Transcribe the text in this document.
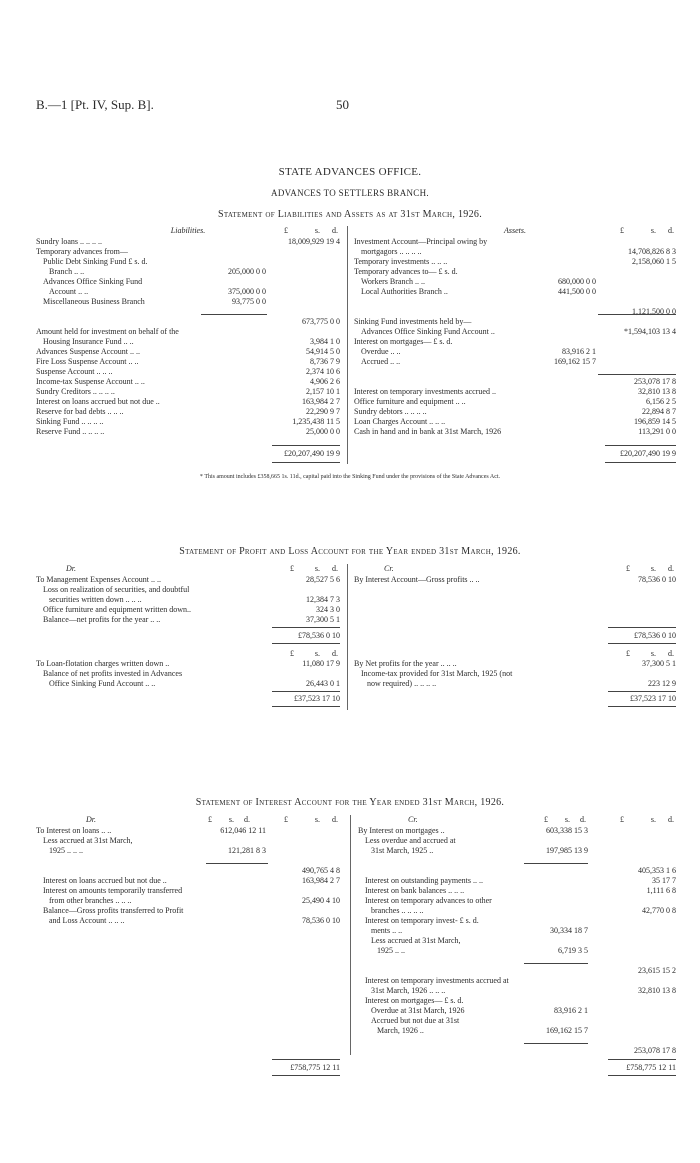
B.—1 [Pt. IV, Sup. B].	50
STATE ADVANCES OFFICE.
ADVANCES TO SETTLERS BRANCH.
Statement of Liabilities and Assets as at 31st March, 1926.
Liabilities.	£	s. d.	Assets.	£	s. d.
Sundry loans .. .. .. ..	18,009,929 19 4
Temporary advances from—
Public Debt Sinking Fund £ s. d.
Branch .. ..	205,000 0 0
Advances Office Sinking Fund
Account .. ..	375,000 0 0
Miscellaneous Business Branch	93,775 0 0
673,775 0 0
Amount held for investment on behalf of the
Housing Insurance Fund .. ..	3,984 1 0
Advances Suspense Account .. ..	54,914 5 0
Fire Loss Suspense Account .. ..	8,736 7 9
Suspense Account .. .. ..	2,374 10 6
Income-tax Suspense Account .. ..	4,906 2 6
Sundry Creditors .. .. .. ..	2,157 10 1
Interest on loans accrued but not due ..	163,984 2 7
Reserve for bad debts .. .. ..	22,290 9 7
Sinking Fund .. .. .. ..	1,235,438 11 5
Reserve Fund .. .. .. ..	25,000 0 0
Investment Account—Principal owing by
mortgagors .. .. .. ..	14,708,826 8 3
Temporary investments .. .. ..	2,158,060 1 5
Temporary advances to— £ s. d.
Workers Branch .. ..	680,000 0 0
Local Authorities Branch ..	441,500 0 0
1,121,500 0 0
Sinking Fund investments held by—
Advances Office Sinking Fund Account ..	*1,594,103 13 4
Interest on mortgages— £ s. d.
Overdue .. ..	83,916 2 1
Accrued .. ..	169,162 15 7
253,078 17 8
Interest on temporary investments accrued ..	32,810 13 8
Office furniture and equipment .. ..	6,156 2 5
Sundry debtors .. .. .. ..	22,894 8 7
Loan Charges Account .. .. ..	196,859 14 5
Cash in hand and in bank at 31st March, 1926	113,291 0 0
£20,207,490 19 9	£20,207,490 19 9
* This amount includes £358,665 1s. 11d., capital paid into the Sinking Fund under the provisions of the State Advances Act.
Statement of Profit and Loss Account for the Year ended 31st March, 1926.
Dr.	£	s. d.	Cr.	£	s. d.
To Management Expenses Account .. ..	28,527 5 6
Loss on realization of securities, and doubtful
securities written down .. .. ..	12,384 7 3
Office furniture and equipment written down..	324 3 0
Balance—net profits for the year .. ..	37,300 5 1
By Interest Account—Gross profits .. ..	78,536 0 10
£78,536 0 10	£78,536 0 10
£	s. d.	£	s. d.
To Loan-flotation charges written down ..	11,080 17 9
Balance of net profits invested in Advances
Office Sinking Fund Account .. ..	26,443 0 1
By Net profits for the year .. .. ..	37,300 5 1
Income-tax provided for 31st March, 1925 (not
now required) .. .. .. ..	223 12 9
£37,523 17 10	£37,523 17 10
Statement of Interest Account for the Year ended 31st March, 1926.
Dr.	£ s. d.	£	s. d.	Cr.	£ s. d.	£	s. d.
To Interest on loans .. ..	612,046 12 11
Less accrued at 31st March,
1925 .. .. ..	121,281 8 3
490,765 4 8
Interest on loans accrued but not due ..	163,984 2 7
Interest on amounts temporarily transferred
from other branches .. .. ..	25,490 4 10
Balance—Gross profits transferred to Profit
and Loss Account .. .. ..	78,536 0 10
By Interest on mortgages ..	603,338 15 3
Less overdue and accrued at
31st March, 1925 ..	197,985 13 9
405,353 1 6
Interest on outstanding payments .. ..	35 17 7
Interest on bank balances .. .. ..	1,111 6 8
Interest on temporary advances to other
branches .. .. .. ..	42,770 0 8
Interest on temporary invest- £ s. d.
ments .. ..	30,334 18 7
Less accrued at 31st March,
1925 .. ..	6,719 3 5
23,615 15 2
Interest on temporary investments accrued at
31st March, 1926 .. .. ..	32,810 13 8
Interest on mortgages— £ s. d.
Overdue at 31st March, 1926	83,916 2 1
Accrued but not due at 31st
March, 1926 ..	169,162 15 7
253,078 17 8
£758,775 12 11	£758,775 12 11
